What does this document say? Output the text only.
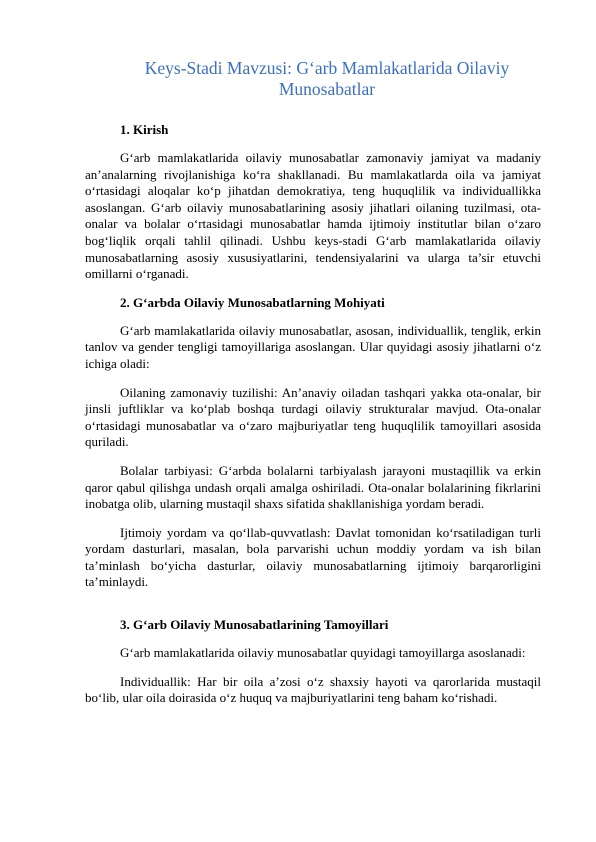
Keys-Stadi Mavzusi: G‘arb Mamlakatlarida Oilaviy Munosabatlar
1. Kirish

G‘arb mamlakatlarida oilaviy munosabatlar zamonaviy jamiyat va madaniy an’analarning rivojlanishiga ko‘ra shakllanadi. Bu mamlakatlarda oila va jamiyat o‘rtasidagi aloqalar ko‘p jihatdan demokratiya, teng huquqlilik va individuallikka asoslangan. G‘arb oilaviy munosabatlarining asosiy jihatlari oilaning tuzilmasi, ota-onalar va bolalar o‘rtasidagi munosabatlar hamda ijtimoiy institutlar bilan o‘zaro bog‘liqlik orqali tahlil qilinadi. Ushbu keys-stadi G‘arb mamlakatlarida oilaviy munosabatlarning asosiy xususiyatlarini, tendensiyalarini va ularga ta’sir etuvchi omillarni o‘rganadi.

2. G‘arbda Oilaviy Munosabatlarning Mohiyati

G‘arb mamlakatlarida oilaviy munosabatlar, asosan, individuallik, tenglik, erkin tanlov va gender tengligi tamoyillariga asoslangan. Ular quyidagi asosiy jihatlarni o‘z ichiga oladi:

Oilaning zamonaviy tuzilishi: An’anaviy oiladan tashqari yakka ota-onalar, bir jinsli juftliklar va ko‘plab boshqa turdagi oilaviy strukturalar mavjud. Ota-onalar o‘rtasidagi munosabatlar va o‘zaro majburiyatlar teng huquqlilik tamoyillari asosida quriladi.

Bolalar tarbiyasi: G‘arbda bolalarni tarbiyalash jarayoni mustaqillik va erkin qaror qabul qilishga undash orqali amalga oshiriladi. Ota-onalar bolalarining fikrlarini inobatga olib, ularning mustaqil shaxs sifatida shakllanishiga yordam beradi.

Ijtimoiy yordam va qo‘llab-quvvatlash: Davlat tomonidan ko‘rsatiladigan turli yordam dasturlari, masalan, bola parvarishi uchun moddiy yordam va ish bilan ta’minlash bo‘yicha dasturlar, oilaviy munosabatlarning ijtimoiy barqarorligini ta’minlaydi.

3. G‘arb Oilaviy Munosabatlarining Tamoyillari

G‘arb mamlakatlarida oilaviy munosabatlar quyidagi tamoyillarga asoslanadi:

Individuallik: Har bir oila a’zosi o‘z shaxsiy hayoti va qarorlarida mustaqil bo‘lib, ular oila doirasida o‘z huquq va majburiyatlarini teng baham ko‘rishadi.
